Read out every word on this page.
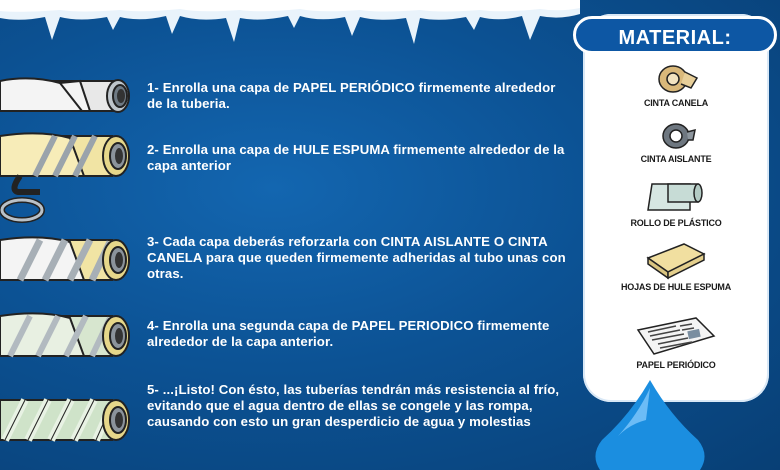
1- Enrolla una capa de PAPEL PERIÓDICO firmemente alrededor de la tuberia.
2- Enrolla una capa de HULE ESPUMA firmemente alrededor de la capa anterior
3- Cada capa deberás reforzarla con CINTA AISLANTE O CINTA CANELA para que queden firmemente adheridas al tubo unas con otras.
4- Enrolla una segunda capa de PAPEL PERIODICO firmemente alrededor de la capa anterior.
5- ...¡Listo! Con ésto, las tuberías tendrán más resistencia al frío, evitando que el agua dentro de ellas se congele y las rompa, causando con esto un gran desperdicio de agua y molestias
MATERIAL:
CINTA CANELA
CINTA AISLANTE
ROLLO DE PLÁSTICO
HOJAS DE HULE ESPUMA
PAPEL PERIÓDICO
